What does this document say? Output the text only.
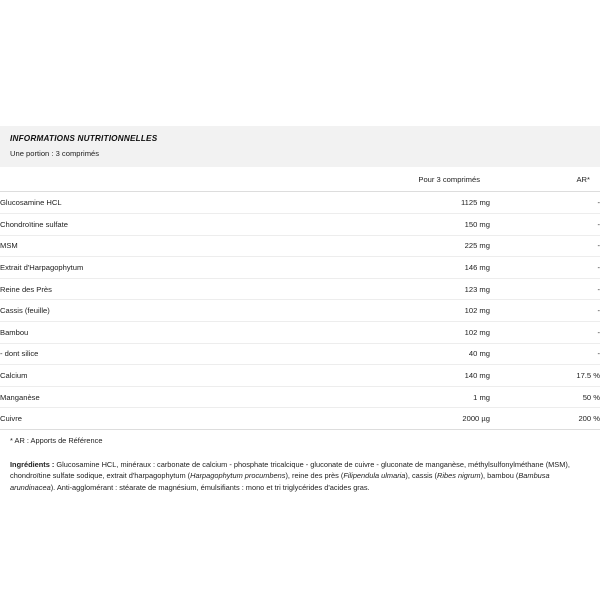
INFORMATIONS NUTRITIONNELLES
Une portion : 3 comprimés
	Pour 3 comprimés	AR*
Glucosamine HCL	1125 mg	-
Chondroïtine sulfate	150 mg	-
MSM	225 mg	-
Extrait d'Harpagophytum	146 mg	-
Reine des Près	123 mg	-
Cassis (feuille)	102 mg	-
Bambou	102 mg	-
- dont silice	40 mg	-
Calcium	140 mg	17.5 %
Manganèse	1 mg	50 %
Cuivre	2000 µg	200 %
* AR : Apports de Référence
Ingrédients : Glucosamine HCL, minéraux : carbonate de calcium - phosphate tricalcique - gluconate de cuivre - gluconate de manganèse, méthylsulfonylméthane (MSM), chondroïtine sulfate sodique, extrait d'harpagophytum (Harpagophytum procumbens), reine des près (Filipendula ulmaria), cassis (Ribes nigrum), bambou (Bambusa arundinacea). Anti-agglomérant : stéarate de magnésium, émulsifiants : mono et tri triglycérides d'acides gras.
